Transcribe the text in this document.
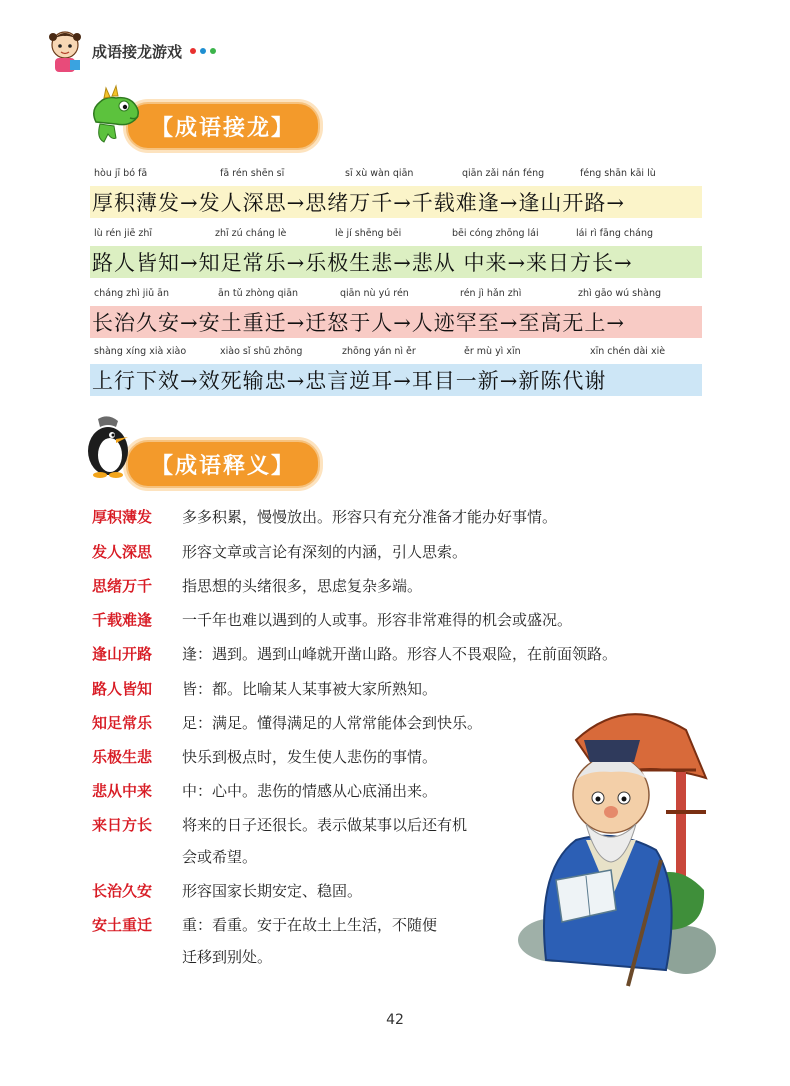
成语接龙游戏
【成语接龙】
hòu jī bó fā	fā rén shēn sī	sī xù wàn qiān	qiān zǎi nán féng	féng shān kāi lù
厚积薄发→发人深思→思绪万千→千载难逢→逢山开路→
lù rén jiē zhī	zhī zú cháng lè	lè jí shēng bēi	bēi cóng zhōng lái	lái rì fāng cháng
路人皆知→知足常乐→乐极生悲→悲从 中来→来日方长→
cháng zhì jiǔ ān	ān tǔ zhòng qiān	qiān nù yú rén	rén jì hǎn zhì	zhì gāo wú shàng
长治久安→安土重迁→迁怒于人→人迹罕至→至高无上→
shàng xíng xià xiào	xiào sǐ shū zhōng	zhōng yán nì ěr	ěr mù yì xīn	xīn chén dài xiè
上行下效→效死输忠→忠言逆耳→耳目一新→新陈代谢
【成语释义】
厚积薄发	多多积累，慢慢放出。形容只有充分准备才能办好事情。
发人深思	形容文章或言论有深刻的内涵，引人思索。
思绪万千	指思想的头绪很多，思虑复杂多端。
千载难逢	一千年也难以遇到的人或事。形容非常难得的机会或盛况。
逢山开路	逢：遇到。遇到山峰就开凿山路。形容人不畏艰险，在前面领路。
路人皆知	皆：都。比喻某人某事被大家所熟知。
知足常乐	足：满足。懂得满足的人常常能体会到快乐。
乐极生悲	快乐到极点时，发生使人悲伤的事情。
悲从中来	中：心中。悲伤的情感从心底涌出来。
来日方长	将来的日子还很长。表示做某事以后还有机
会或希望。
长治久安	形容国家长期安定、稳固。
安土重迁	重：看重。安于在故土上生活，不随便
迁移到别处。
42
